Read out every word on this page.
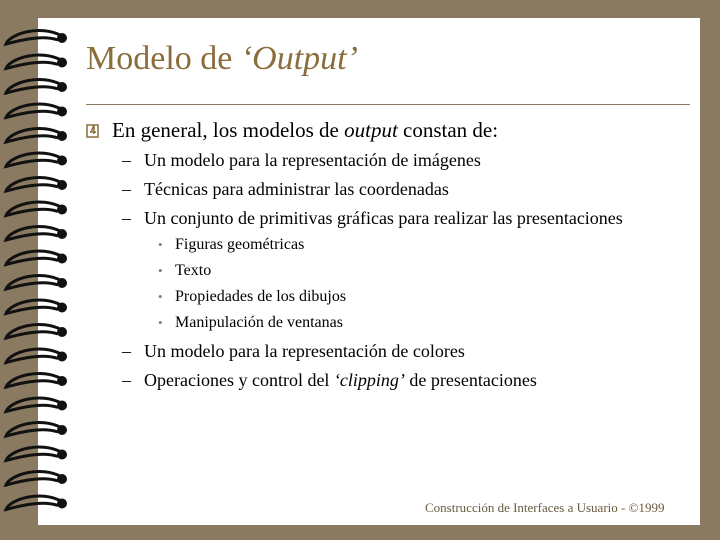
Modelo de ‘Output’
En general, los modelos de output constan de:
– Un modelo para la representación de imágenes
– Técnicas para administrar las coordenadas
– Un conjunto de primitivas gráficas para realizar las presentaciones
• Figuras geométricas
• Texto
• Propiedades de los dibujos
• Manipulación de ventanas
– Un modelo para la representación de colores
– Operaciones y control del ‘clipping’ de presentaciones
Construcción de Interfaces a Usuario - ©1999
